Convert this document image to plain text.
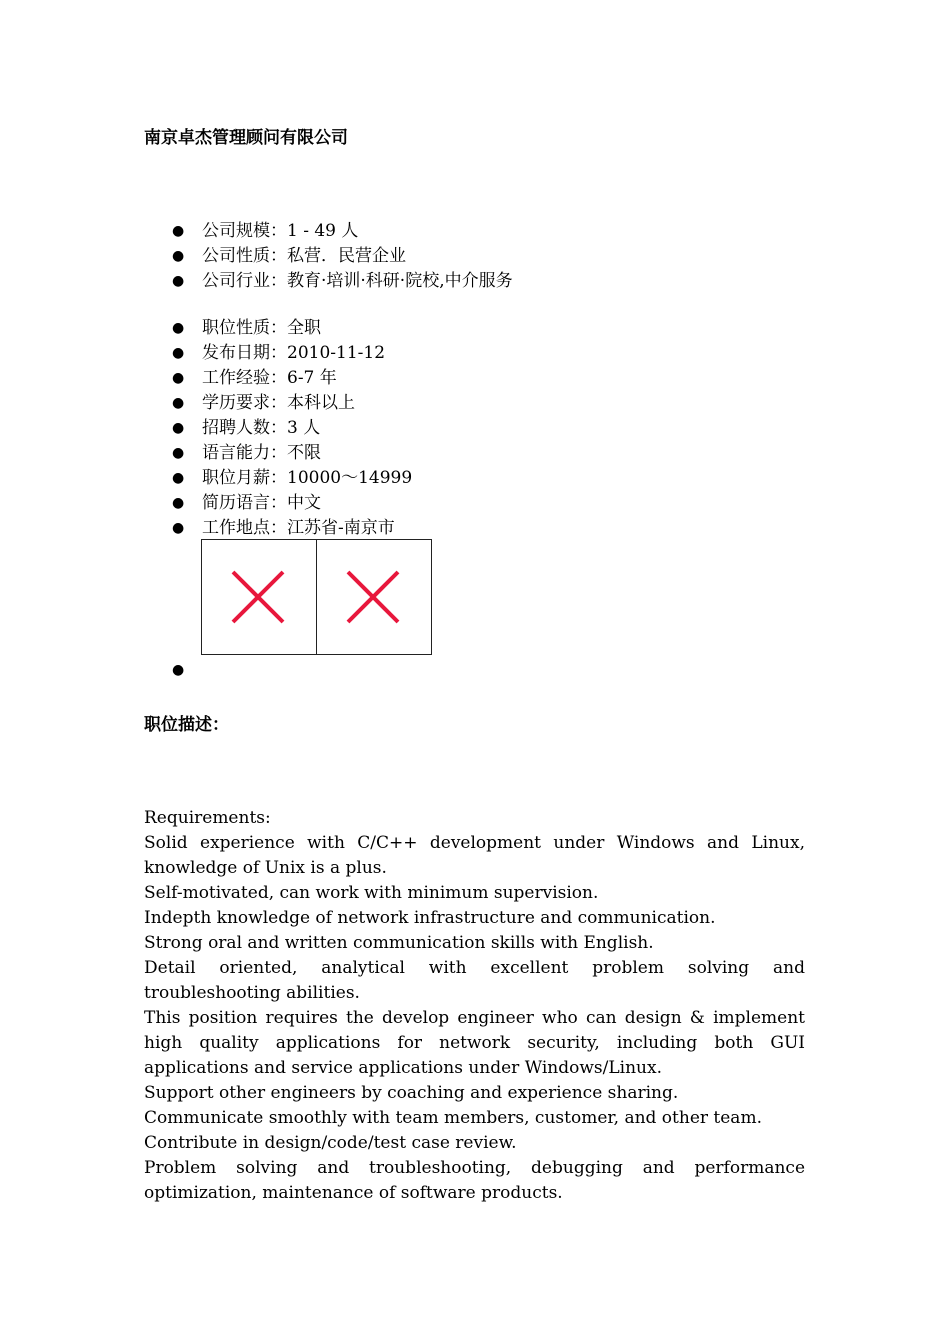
南京卓杰管理顾问有限公司
● 公司规模：1 - 49 人
● 公司性质：私营．民营企业
● 公司行业：教育·培训·科研·院校,中介服务
● 职位性质：全职
● 发布日期：2010-11-12
● 工作经验：6-7 年
● 学历要求：本科以上
● 招聘人数：3 人
● 语言能力：不限
● 职位月薪：10000～14999
● 简历语言：中文
● 工作地点：江苏省-南京市
●
职位描述：

Requirements:

Solid experience with C/C++ development under Windows and Linux, knowledge of Unix is a plus.

Self-motivated, can work with minimum supervision.

Indepth knowledge of network infrastructure and communication.

Strong oral and written communication skills with English.

Detail oriented, analytical with excellent problem solving and troubleshooting abilities.

This position requires the develop engineer who can design & implement high quality applications for network security, including both GUI applications and service applications under Windows/Linux.

Support other engineers by coaching and experience sharing.

Communicate smoothly with team members, customer, and other team.

Contribute in design/code/test case review.

Problem solving and troubleshooting, debugging and performance optimization, maintenance of software products.
